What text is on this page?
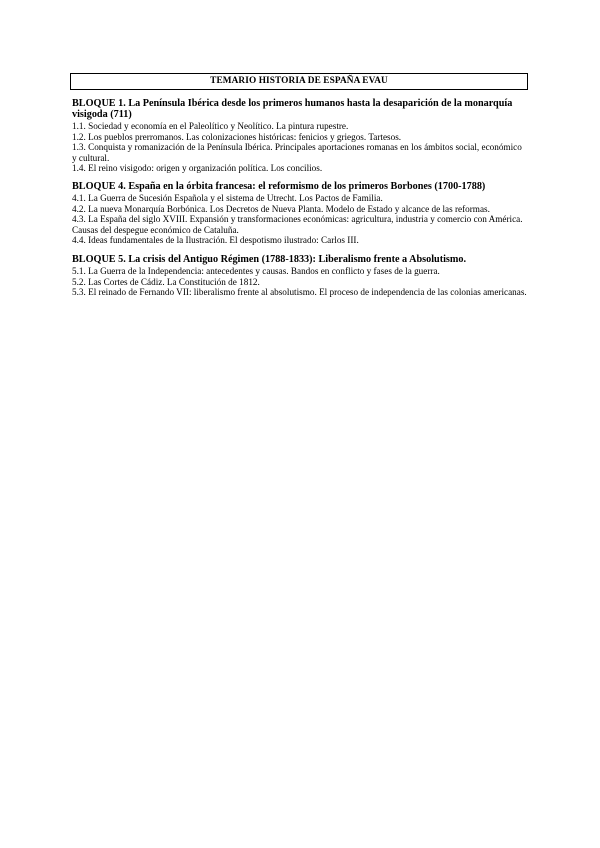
TEMARIO HISTORIA DE ESPAÑA EVAU

BLOQUE 1. La Península Ibérica desde los primeros humanos hasta la desaparición de la monarquía visigoda (711)

1.1. Sociedad y economía en el Paleolítico y Neolítico. La pintura rupestre.

1.2. Los pueblos prerromanos. Las colonizaciones históricas: fenicios y griegos. Tartesos.

1.3. Conquista y romanización de la Península Ibérica. Principales aportaciones romanas en los ámbitos social, económico y cultural.

1.4. El reino visigodo: origen y organización política. Los concilios.

BLOQUE 4. España en la órbita francesa: el reformismo de los primeros Borbones (1700-1788)

4.1. La Guerra de Sucesión Española y el sistema de Utrecht. Los Pactos de Familia.

4.2. La nueva Monarquía Borbónica. Los Decretos de Nueva Planta. Modelo de Estado y alcance de las reformas.

4.3. La España del siglo XVIII. Expansión y transformaciones económicas: agricultura, industria y comercio con América. Causas del despegue económico de Cataluña.

4.4. Ideas fundamentales de la Ilustración. El despotismo ilustrado: Carlos III.

BLOQUE 5. La crisis del Antiguo Régimen (1788-1833): Liberalismo frente a Absolutismo.

5.1. La Guerra de la Independencia: antecedentes y causas. Bandos en conflicto y fases de la guerra.

5.2. Las Cortes de Cádiz. La Constitución de 1812.

5.3. El reinado de Fernando VII: liberalismo frente al absolutismo. El proceso de independencia de las colonias americanas.
